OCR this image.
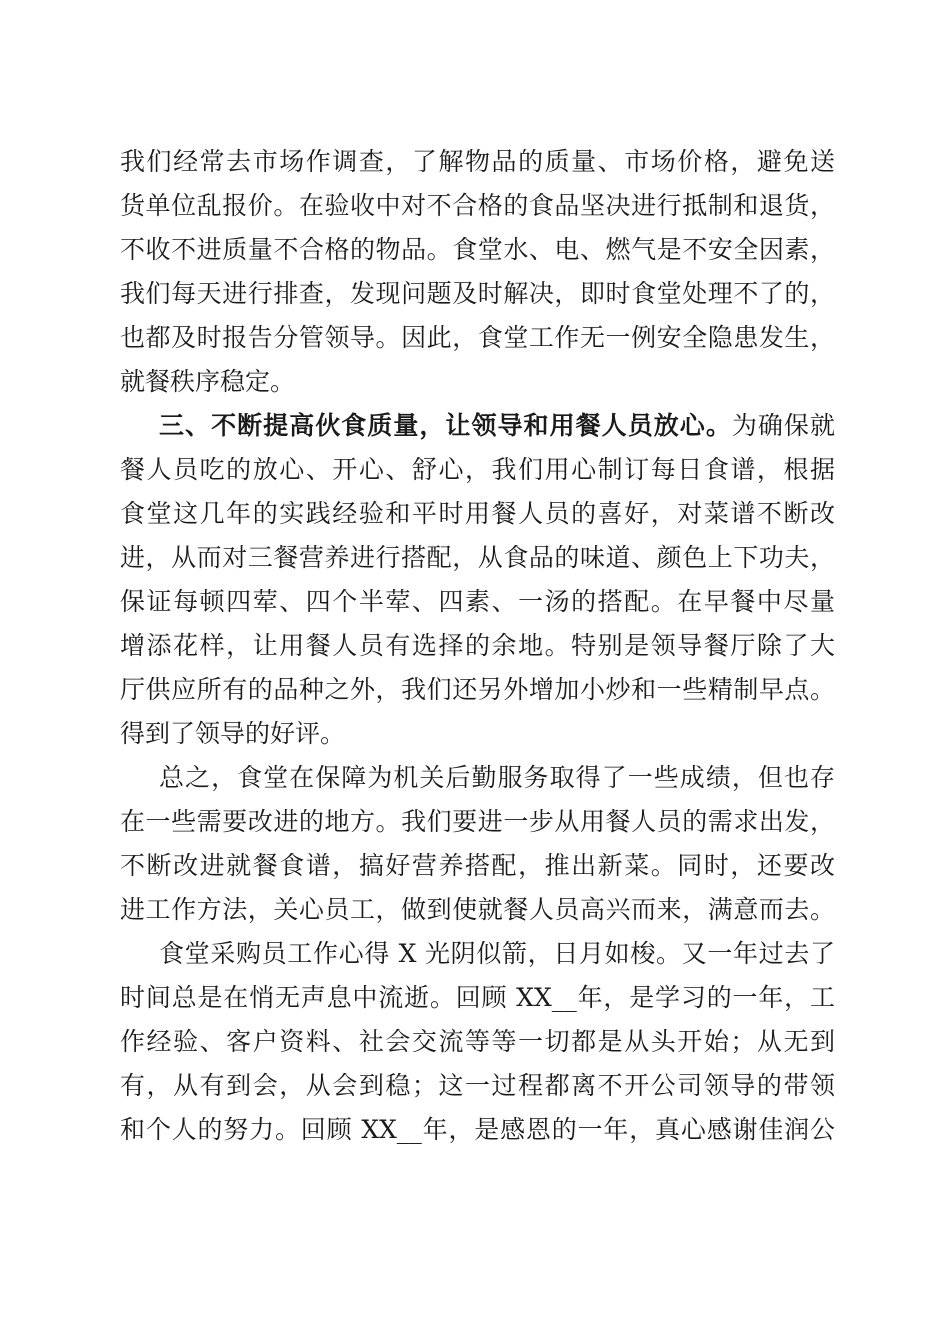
我们经常去市场作调查，了解物品的质量、市场价格，避免送
货单位乱报价。在验收中对不合格的食品坚决进行抵制和退货，
不收不进质量不合格的物品。食堂水、电、燃气是不安全因素，
我们每天进行排查，发现问题及时解决，即时食堂处理不了的，
也都及时报告分管领导。因此，食堂工作无一例安全隐患发生，
就餐秩序稳定。
三、不断提高伙食质量，让领导和用餐人员放心。为确保就
餐人员吃的放心、开心、舒心，我们用心制订每日食谱，根据
食堂这几年的实践经验和平时用餐人员的喜好，对菜谱不断改
进，从而对三餐营养进行搭配，从食品的味道、颜色上下功夫，
保证每顿四荤、四个半荤、四素、一汤的搭配。在早餐中尽量
增添花样，让用餐人员有选择的余地。特别是领导餐厅除了大
厅供应所有的品种之外，我们还另外增加小炒和一些精制早点。
得到了领导的好评。
总之，食堂在保障为机关后勤服务取得了一些成绩，但也存
在一些需要改进的地方。我们要进一步从用餐人员的需求出发，
不断改进就餐食谱，搞好营养搭配，推出新菜。同时，还要改
进工作方法，关心员工，做到使就餐人员高兴而来，满意而去。
食堂采购员工作心得 X 光阴似箭，日月如梭。又一年过去了
时间总是在悄无声息中流逝。回顾 XX__年，是学习的一年，工
作经验、客户资料、社会交流等等一切都是从头开始；从无到
有，从有到会，从会到稳；这一过程都离不开公司领导的带领
和个人的努力。回顾 XX__年，是感恩的一年，真心感谢佳润公
